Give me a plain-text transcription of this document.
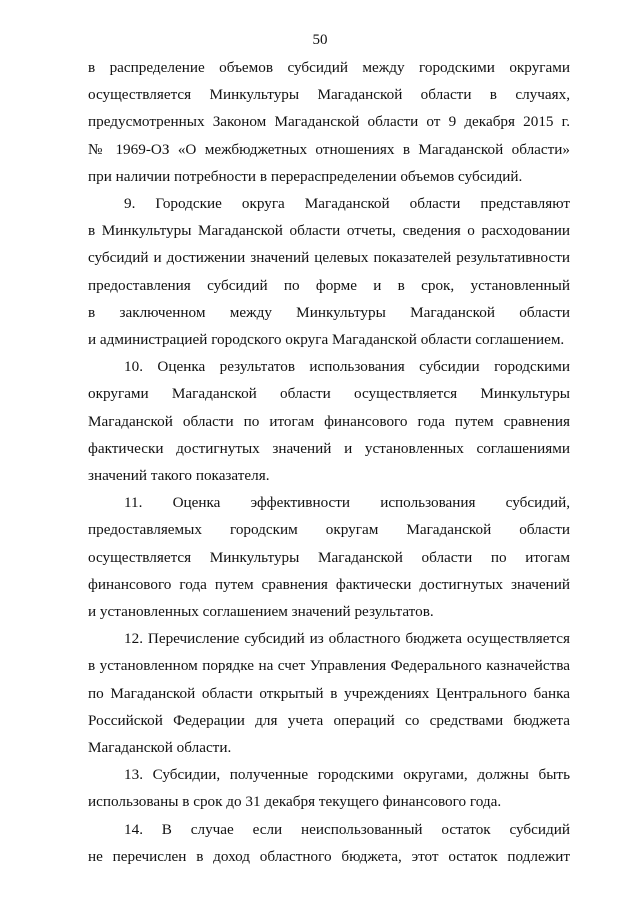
50

в распределение объемов субсидий между городскими округами
осуществляется Минкультуры Магаданской области в случаях,
предусмотренных Законом Магаданской области от 9 декабря 2015 г.
№ 1969-ОЗ «О межбюджетных отношениях в Магаданской области»
при наличии потребности в перераспределении объемов субсидий.

9. Городские округа Магаданской области представляют
в Минкультуры Магаданской области отчеты, сведения о расходовании
субсидий и достижении значений целевых показателей результативности
предоставления субсидий по форме и в срок, установленный
в заключенном между Минкультуры Магаданской области
и администрацией городского округа Магаданской области соглашением.

10. Оценка результатов использования субсидии городскими
округами Магаданской области осуществляется Минкультуры
Магаданской области по итогам финансового года путем сравнения
фактически достигнутых значений и установленных соглашениями
значений такого показателя.

11. Оценка эффективности использования субсидий,
предоставляемых городским округам Магаданской области
осуществляется Минкультуры Магаданской области по итогам
финансового года путем сравнения фактически достигнутых значений
и установленных соглашением значений результатов.

12. Перечисление субсидий из областного бюджета осуществляется
в установленном порядке на счет Управления Федерального казначейства
по Магаданской области открытый в учреждениях Центрального банка
Российской Федерации для учета операций со средствами бюджета
Магаданской области.

13. Субсидии, полученные городскими округами, должны быть
использованы в срок до 31 декабря текущего финансового года.

14. В случае если неиспользованный остаток субсидий
не перечислен в доход областного бюджета, этот остаток подлежит
